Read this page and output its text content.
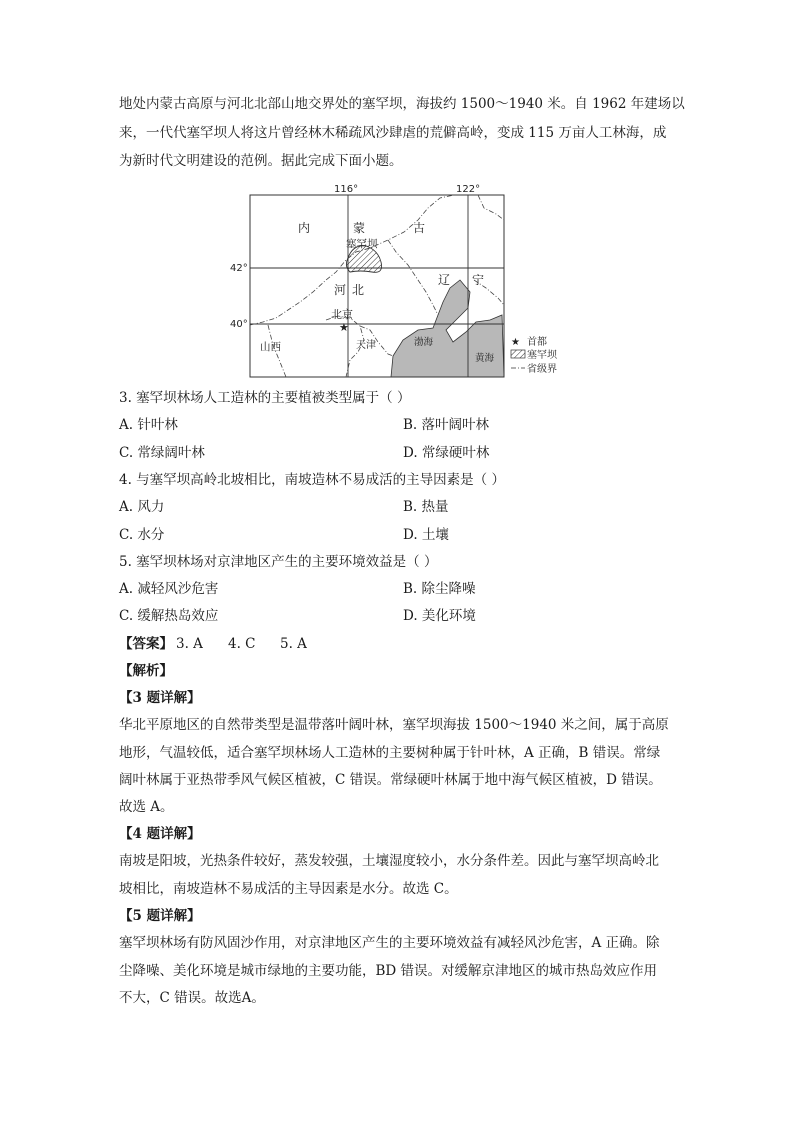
地处内蒙古高原与河北北部山地交界处的塞罕坝，海拔约 1500～1940 米。自 1962 年建场以
来，一代代塞罕坝人将这片曾经林木稀疏风沙肆虐的荒僻高岭，变成 115 万亩人工林海，成
为新时代文明建设的范例。据此完成下面小题。
116°	122°
42°
40°	★
内	蒙	古
塞罕坝
河 北
辽 宁
北京
天津
山西	渤海
黄海
★ 首都
塞罕坝
省级界
3. 塞罕坝林场人工造林的主要植被类型属于（ ）
A. 针叶林	B. 落叶阔叶林
C. 常绿阔叶林	D. 常绿硬叶林
4. 与塞罕坝高岭北坡相比，南坡造林不易成活的主导因素是（ ）
A. 风力	B. 热量
C. 水分	D. 土壤
5. 塞罕坝林场对京津地区产生的主要环境效益是（ ）
A. 减轻风沙危害	B. 除尘降噪
C. 缓解热岛效应	D. 美化环境
【答案】 3. A 4. C 5. A
【解析】
【3 题详解】
华北平原地区的自然带类型是温带落叶阔叶林，塞罕坝海拔 1500～1940 米之间，属于高原
地形，气温较低，适合塞罕坝林场人工造林的主要树种属于针叶林，A 正确，B 错误。常绿
阔叶林属于亚热带季风气候区植被，C 错误。常绿硬叶林属于地中海气候区植被，D 错误。
故选 A。
【4 题详解】
南坡是阳坡，光热条件较好，蒸发较强，土壤湿度较小，水分条件差。因此与塞罕坝高岭北
坡相比，南坡造林不易成活的主导因素是水分。故选 C。
【5 题详解】
塞罕坝林场有防风固沙作用，对京津地区产生的主要环境效益有减轻风沙危害，A 正确。除
尘降噪、美化环境是城市绿地的主要功能，BD 错误。对缓解京津地区的城市热岛效应作用
不大，C 错误。故选A。
